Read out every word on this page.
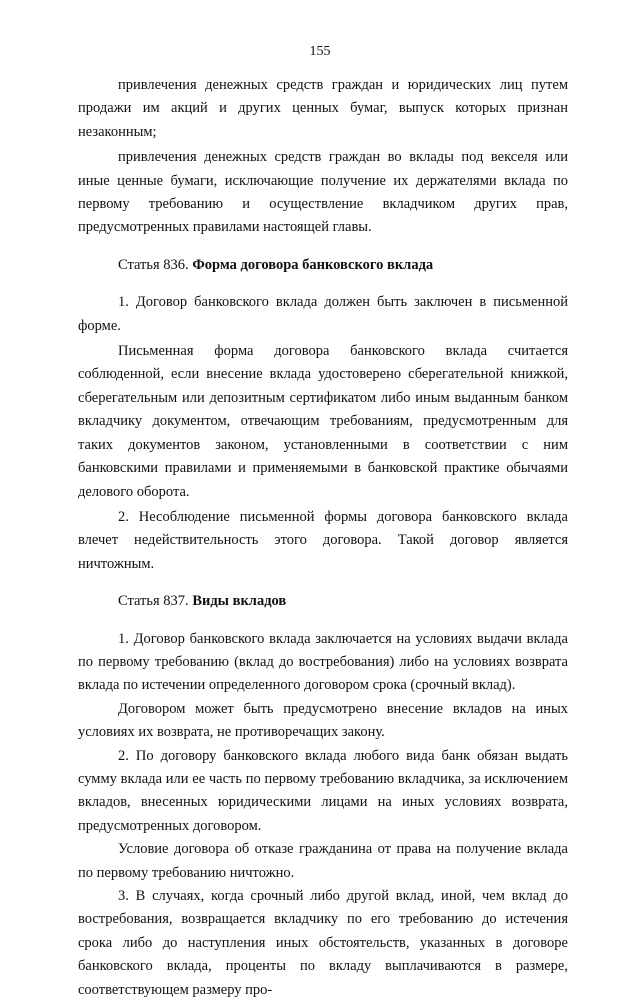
155

привлечения денежных средств граждан и юридических лиц путем продажи им акций и других ценных бумаг, выпуск которых признан незаконным;

привлечения денежных средств граждан во вклады под векселя или иные ценные бумаги, исключающие получение их держателями вклада по первому требованию и осуществление вкладчиком других прав, предусмотренных правилами настоящей главы.

Статья 836. Форма договора банковского вклада

1. Договор банковского вклада должен быть заключен в письменной форме.

Письменная форма договора банковского вклада считается соблюденной, если внесение вклада удостоверено сберегательной книжкой, сберегательным или депозитным сертификатом либо иным выданным банком вкладчику документом, отвечающим требованиям, предусмотренным для таких документов законом, установленными в соответствии с ним банковскими правилами и применяемыми в банковской практике обычаями делового оборота.

2. Несоблюдение письменной формы договора банковского вклада влечет недействительность этого договора. Такой договор является ничтожным.

Статья 837. Виды вкладов

1. Договор банковского вклада заключается на условиях выдачи вклада по первому требованию (вклад до востребования) либо на условиях возврата вклада по истечении определенного договором срока (срочный вклад).

Договором может быть предусмотрено внесение вкладов на иных условиях их возврата, не противоречащих закону.

2. По договору банковского вклада любого вида банк обязан выдать сумму вклада или ее часть по первому требованию вкладчика, за исключением вкладов, внесенных юридическими лицами на иных условиях возврата, предусмотренных договором.

Условие договора об отказе гражданина от права на получение вклада по первому требованию ничтожно.

3. В случаях, когда срочный либо другой вклад, иной, чем вклад до востребования, возвращается вкладчику по его требованию до истечения срока либо до наступления иных обстоятельств, указанных в договоре банковского вклада, проценты по вкладу выплачиваются в размере, соответствующем размеру про-
